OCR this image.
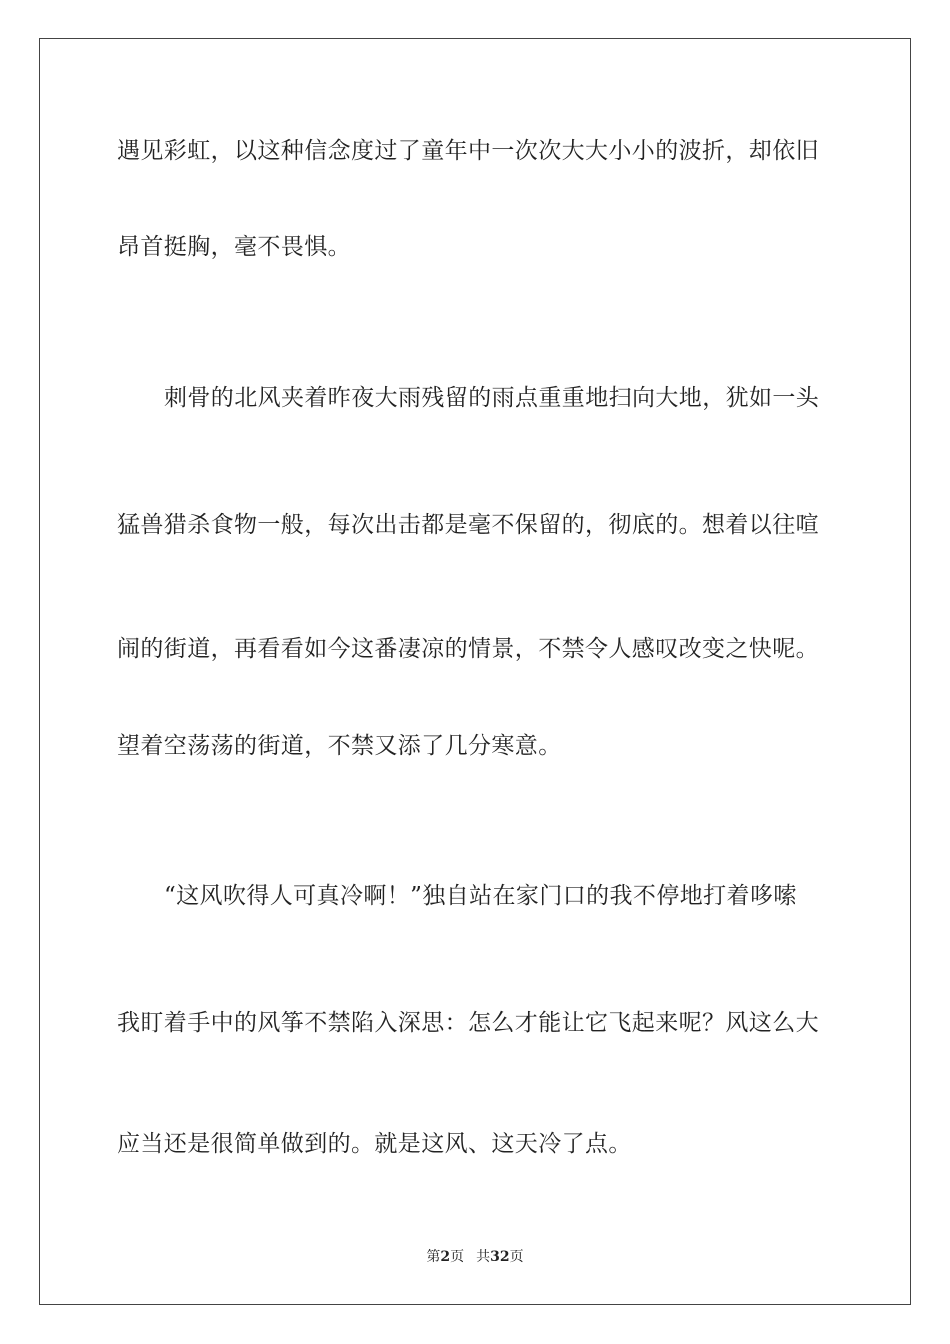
遇见彩虹，以这种信念度过了童年中一次次大大小小的波折，却依旧
昂首挺胸，毫不畏惧。
刺骨的北风夹着昨夜大雨残留的雨点重重地扫向大地，犹如一头
猛兽猎杀食物一般，每次出击都是毫不保留的，彻底的。想着以往喧
闹的街道，再看看如今这番凄凉的情景，不禁令人感叹改变之快呢。
望着空荡荡的街道，不禁又添了几分寒意。
“这风吹得人可真冷啊！”独自站在家门口的我不停地打着哆嗦
我盯着手中的风筝不禁陷入深思：怎么才能让它飞起来呢？风这么大
应当还是很简单做到的。就是这风、这天冷了点。
第2页 共32页
